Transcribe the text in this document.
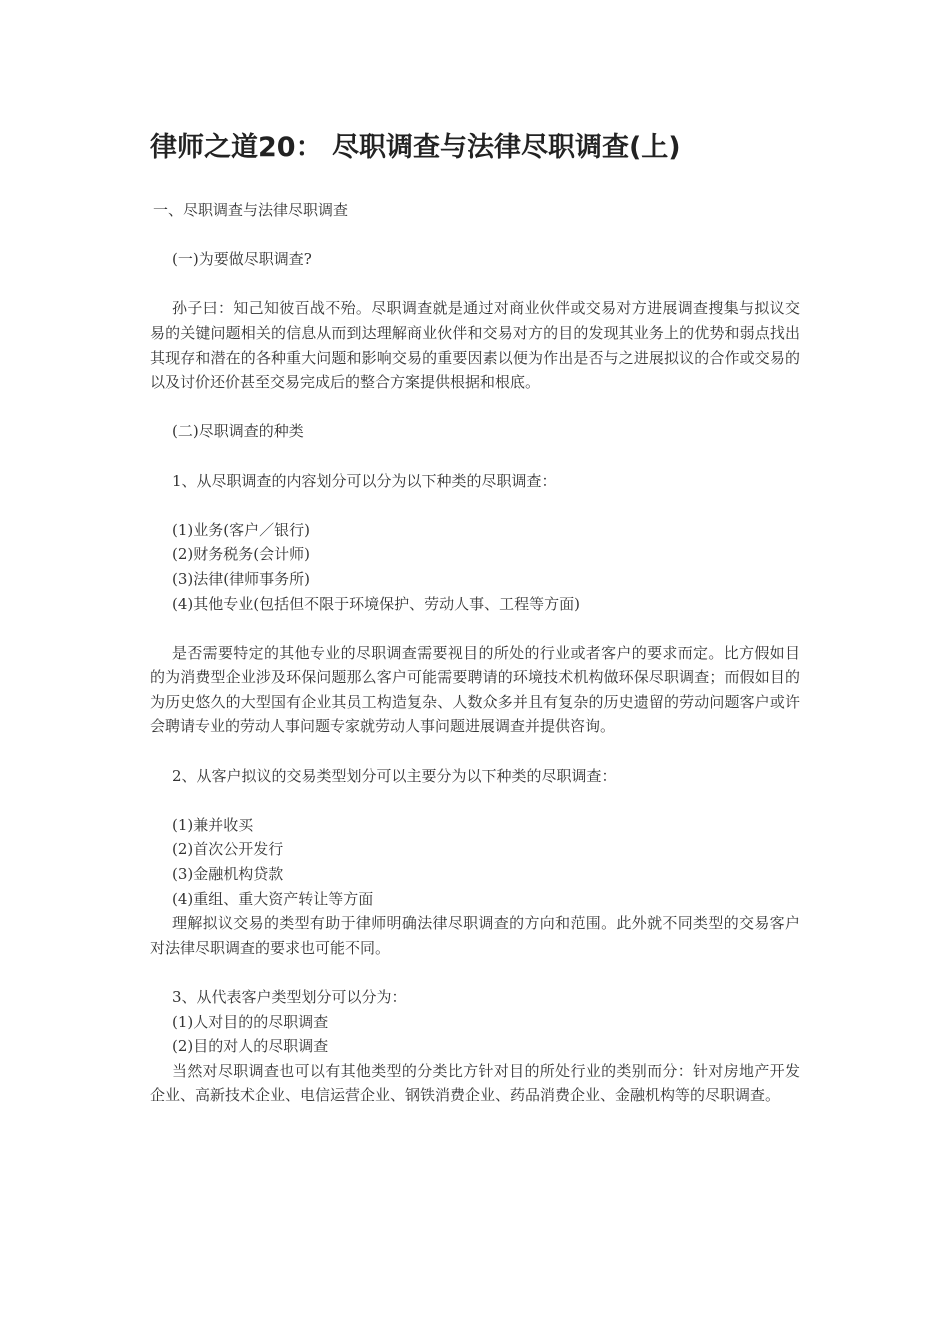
律师之道20： 尽职调查与法律尽职调查(上)

一、尽职调查与法律尽职调查

(一)为要做尽职调查?

孙子曰：知己知彼百战不殆。尽职调查就是通过对商业伙伴或交易对方进展调查搜集与拟议交易的关键问题相关的信息从而到达理解商业伙伴和交易对方的目的发现其业务上的优势和弱点找出其现存和潜在的各种重大问题和影响交易的重要因素以便为作出是否与之进展拟议的合作或交易的以及讨价还价甚至交易完成后的整合方案提供根据和根底。

(二)尽职调查的种类

1、从尽职调查的内容划分可以分为以下种类的尽职调查：

(1)业务(客户／银行)

(2)财务税务(会计师)

(3)法律(律师事务所)

(4)其他专业(包括但不限于环境保护、劳动人事、工程等方面)

是否需要特定的其他专业的尽职调查需要视目的所处的行业或者客户的要求而定。比方假如目的为消费型企业涉及环保问题那么客户可能需要聘请的环境技术机构做环保尽职调查；而假如目的为历史悠久的大型国有企业其员工构造复杂、人数众多并且有复杂的历史遗留的劳动问题客户或许会聘请专业的劳动人事问题专家就劳动人事问题进展调查并提供咨询。

2、从客户拟议的交易类型划分可以主要分为以下种类的尽职调查：

(1)兼并收买

(2)首次公开发行

(3)金融机构贷款

(4)重组、重大资产转让等方面

理解拟议交易的类型有助于律师明确法律尽职调查的方向和范围。此外就不同类型的交易客户对法律尽职调查的要求也可能不同。

3、从代表客户类型划分可以分为：

(1)人对目的的尽职调查

(2)目的对人的尽职调查

当然对尽职调查也可以有其他类型的分类比方针对目的所处行业的类别而分：针对房地产开发企业、高新技术企业、电信运营企业、钢铁消费企业、药品消费企业、金融机构等的尽职调查。
